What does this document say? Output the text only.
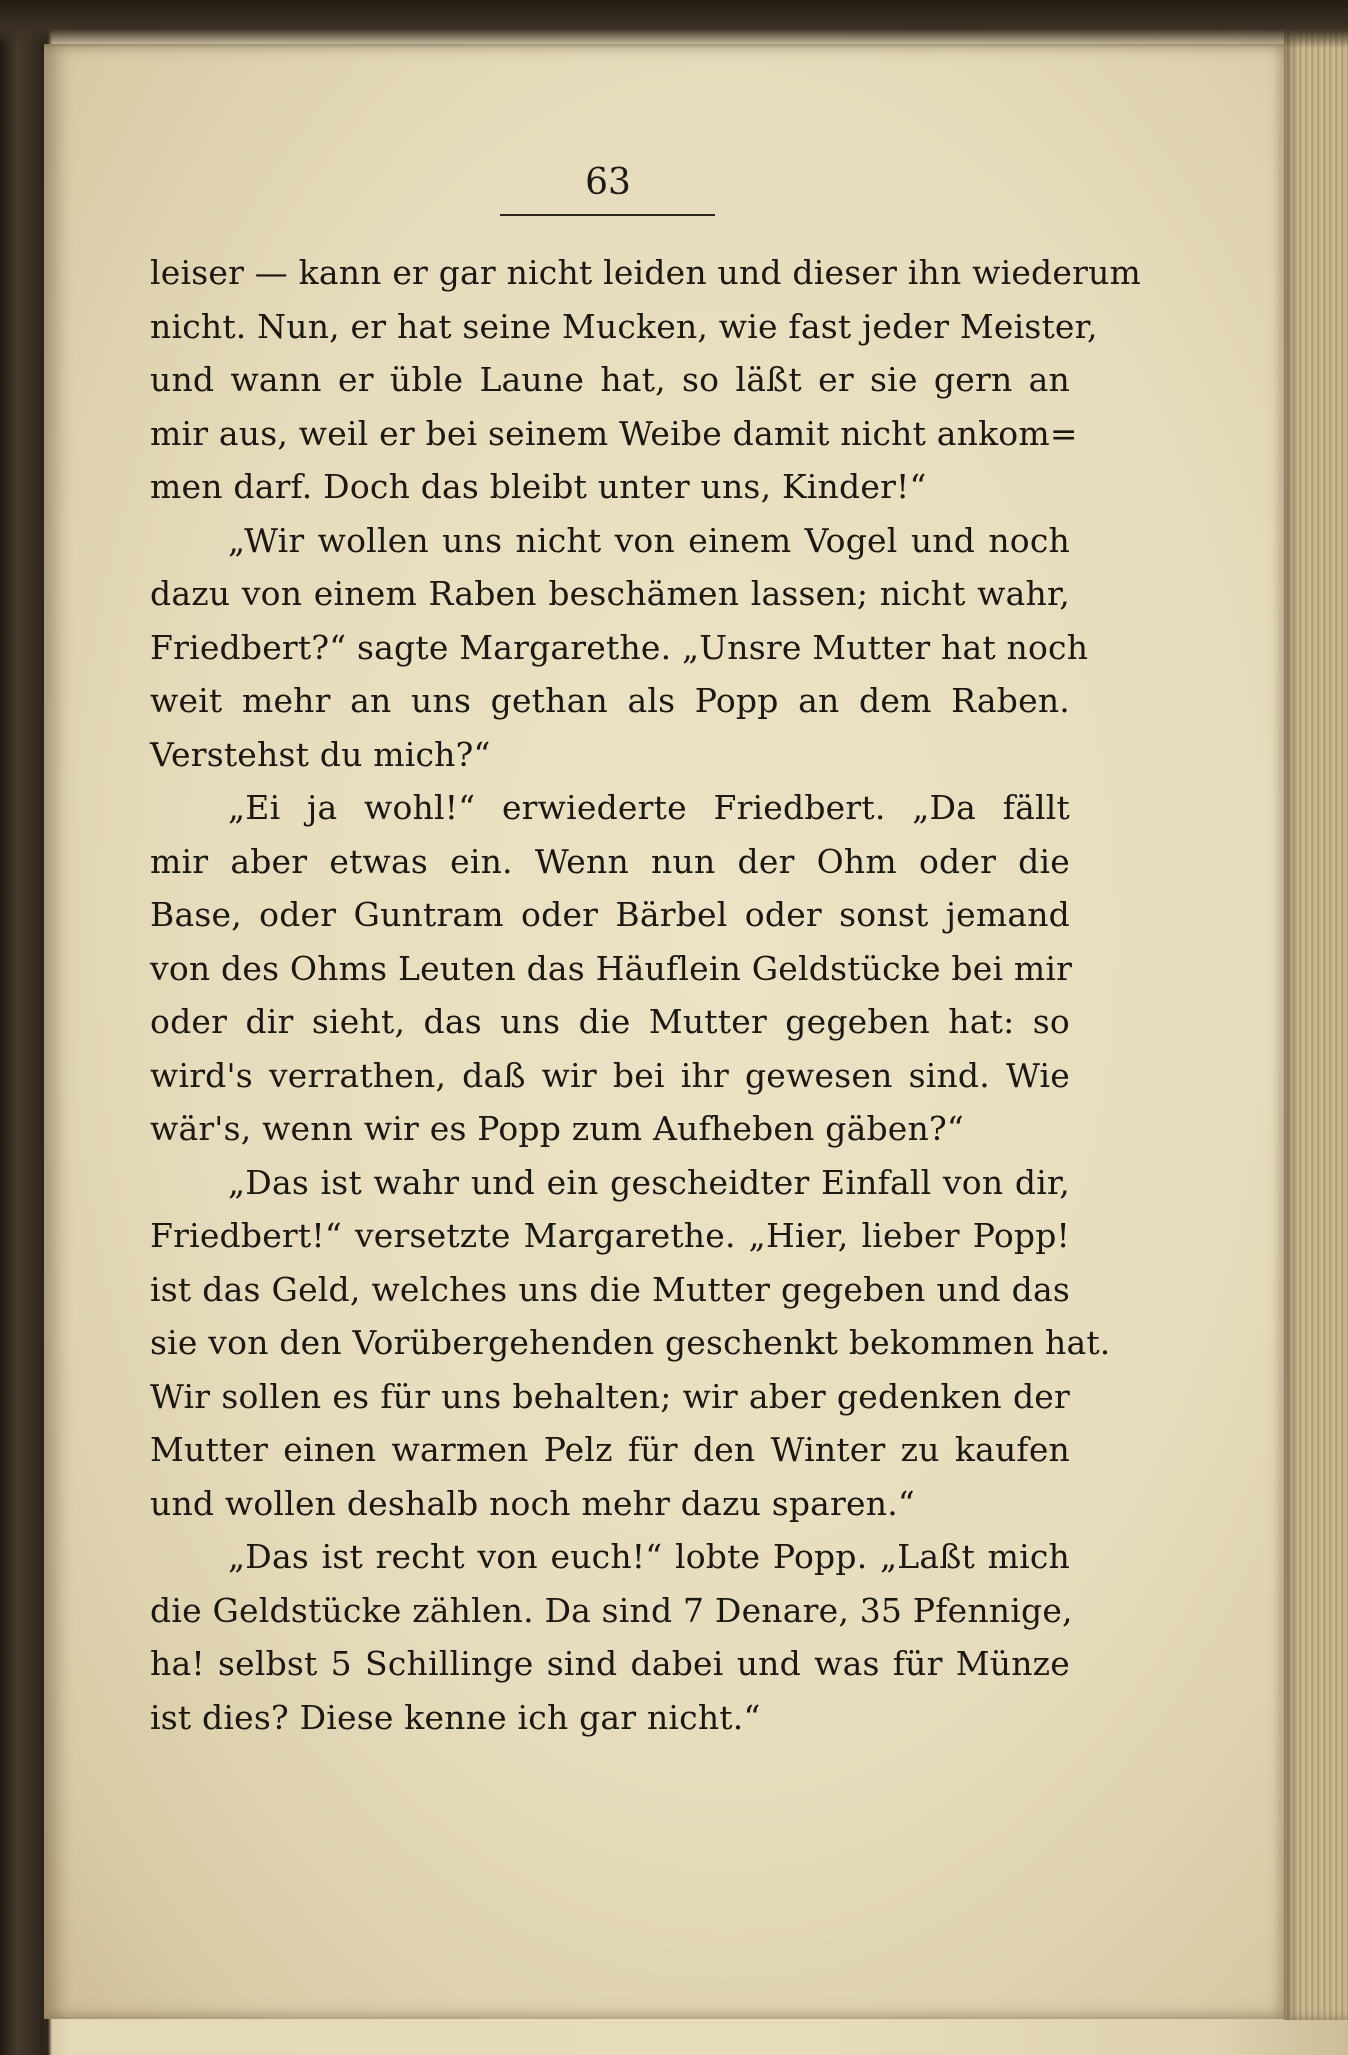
63
leiser — kann er gar nicht leiden und dieser ihn wiederum
nicht. Nun, er hat seine Mucken, wie fast jeder Meister,
und wann er üble Laune hat, so läßt er sie gern an
mir aus, weil er bei seinem Weibe damit nicht ankom=
men darf. Doch das bleibt unter uns, Kinder!“
„Wir wollen uns nicht von einem Vogel und noch
dazu von einem Raben beschämen lassen; nicht wahr,
Friedbert?“ sagte Margarethe. „Unsre Mutter hat noch
weit mehr an uns gethan als Popp an dem Raben.
Verstehst du mich?“
„Ei ja wohl!“ erwiederte Friedbert. „Da fällt
mir aber etwas ein. Wenn nun der Ohm oder die
Base, oder Guntram oder Bärbel oder sonst jemand
von des Ohms Leuten das Häuflein Geldstücke bei mir
oder dir sieht, das uns die Mutter gegeben hat: so
wird's verrathen, daß wir bei ihr gewesen sind. Wie
wär's, wenn wir es Popp zum Aufheben gäben?“
„Das ist wahr und ein gescheidter Einfall von dir,
Friedbert!“ versetzte Margarethe. „Hier, lieber Popp!
ist das Geld, welches uns die Mutter gegeben und das
sie von den Vorübergehenden geschenkt bekommen hat.
Wir sollen es für uns behalten; wir aber gedenken der
Mutter einen warmen Pelz für den Winter zu kaufen
und wollen deshalb noch mehr dazu sparen.“
„Das ist recht von euch!“ lobte Popp. „Laßt mich
die Geldstücke zählen. Da sind 7 Denare, 35 Pfennige,
ha! selbst 5 Schillinge sind dabei und was für Münze
ist dies? Diese kenne ich gar nicht.“
